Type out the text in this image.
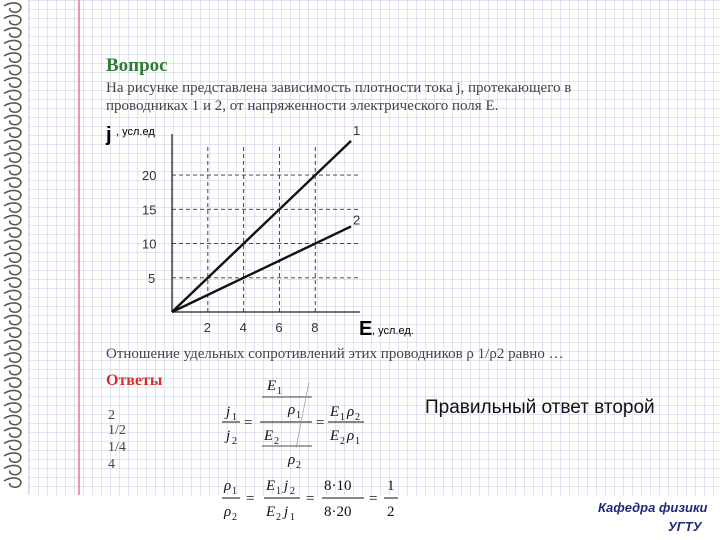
Вопрос
На рисунке представлена зависимость плотности тока j, протекающего в
проводниках 1 и 2, от напряженности электрического поля E.
2 4 6 8
5
10
15
20
1
2
j , усл.ед
E , усл.ед.
Отношение удельных сопротивлений этих проводников ρ 1/ρ2 равно …
Ответы
2
1/2
1/4
4
E 1
j 1
j 2
=
ρ 1
E 2
ρ 2
=
E 1 ρ 2
E 2 ρ 1
ρ 1
ρ 2
=
E 1 j 2
E 2 j 1
=
8·10
8·20
=
1
2
Правильный ответ второй
Кафедра физики
УГТУ
